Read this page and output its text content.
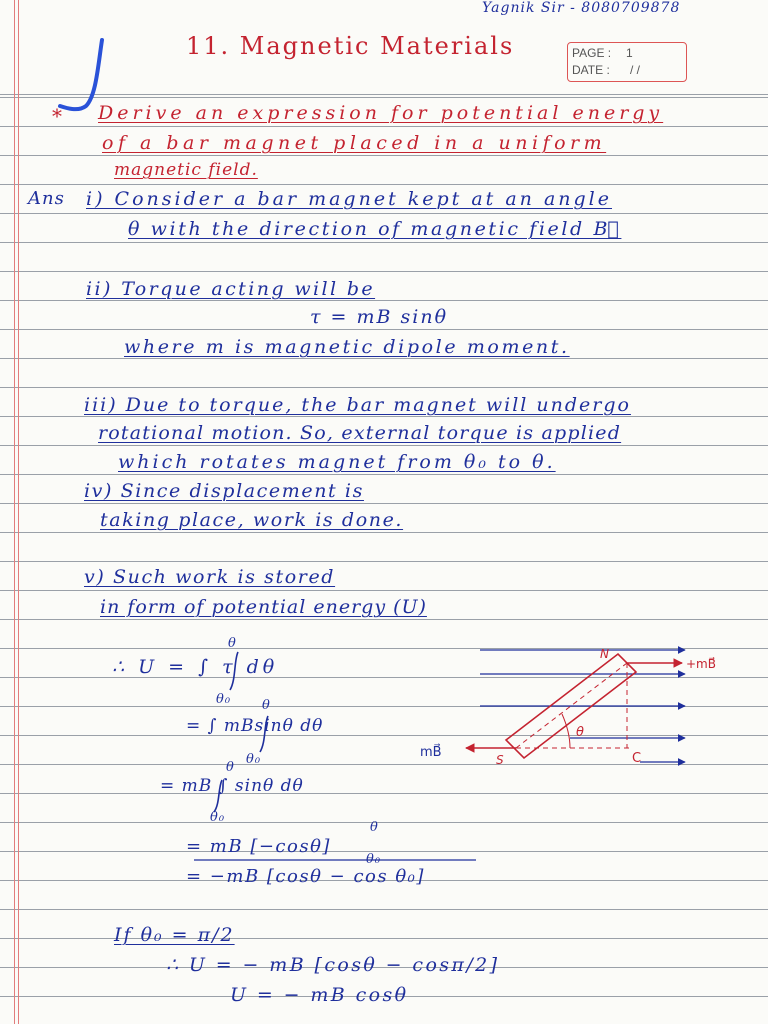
Yagnik Sir - 8080709878
11. Magnetic Materials	PAGE : 1
DATE : / /
* Derive an expression for potential energy
of a bar magnet placed in a uniform
magnetic field.
Ans i) Consider a bar magnet kept at an angle
θ with the direction of magnetic field B⃗
ii) Torque acting will be
τ = mB sinθ
where m is magnetic dipole moment.
iii) Due to torque, the bar magnet will undergo
rotational motion. So, external torque is applied
which rotates magnet from θ₀ to θ.
iv) Since displacement is
taking place, work is done.
v) Such work is stored
in form of potential energy (U)
∴ U = ∫ τ dθ
θ
θ₀
= ∫ mBsinθ dθ
θ
θ₀
= mB ∫ sinθ dθ
θ
θ₀
= mB [−cosθ]
θ
θ₀
= −mB [cosθ − cos θ₀]
If θ₀ = π/2
∴ U = − mB [cosθ − cosπ/2]
U = − mB cosθ
N
S	C
θ
+mB⃗
mB⃗
